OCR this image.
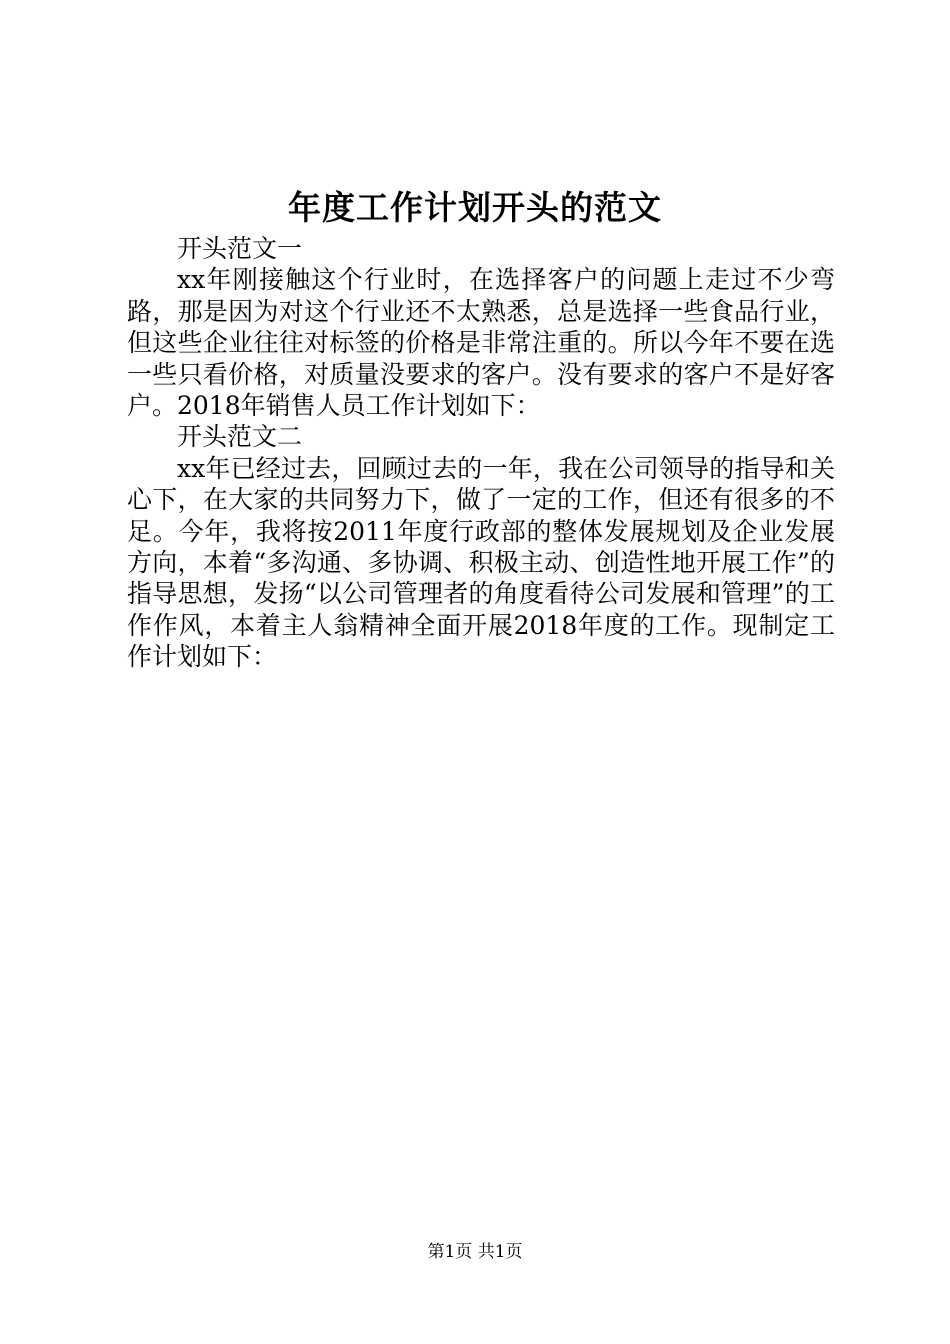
年度工作计划开头的范文

开头范文一

xx年刚接触这个行业时，在选择客户的问题上走过不少弯路，那是因为对这个行业还不太熟悉，总是选择一些食品行业，但这些企业往往对标签的价格是非常注重的。所以今年不要在选一些只看价格，对质量没要求的客户。没有要求的客户不是好客户。2018年销售人员工作计划如下：

开头范文二

xx年已经过去，回顾过去的一年，我在公司领导的指导和关心下，在大家的共同努力下，做了一定的工作，但还有很多的不足。今年，我将按2011年度行政部的整体发展规划及企业发展方向，本着“多沟通、多协调、积极主动、创造性地开展工作”的指导思想，发扬“以公司管理者的角度看待公司发展和管理”的工作作风，本着主人翁精神全面开展2018年度的工作。现制定工作计划如下：

第1页 共1页
